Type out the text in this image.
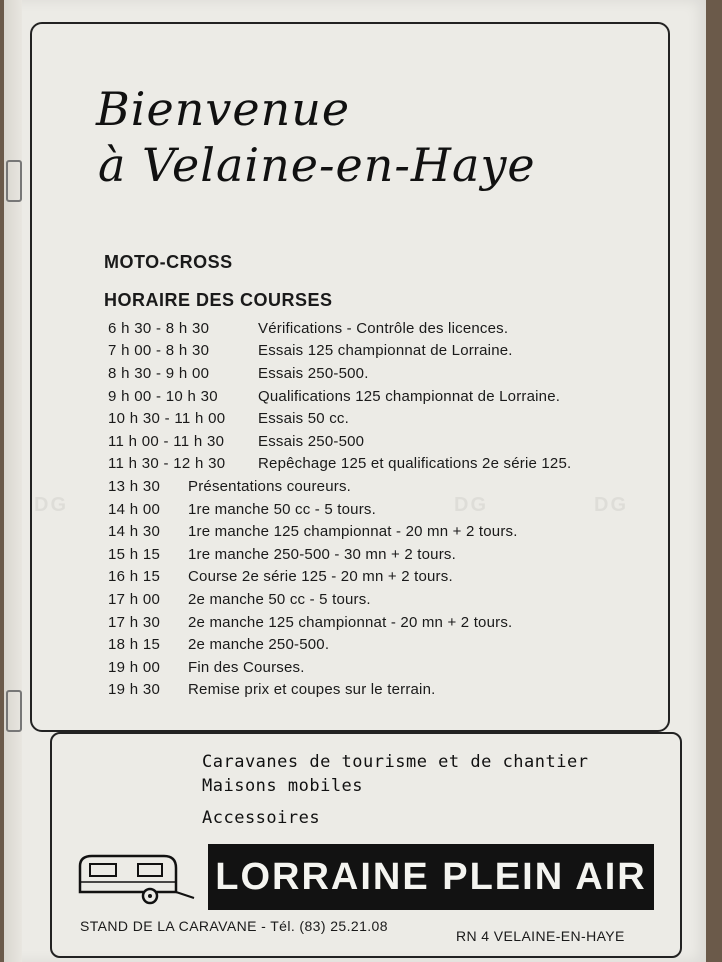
Bienvenue
à Velaine-en-Haye
MOTO-CROSS
HORAIRE DES COURSES
6 h 30 - 8 h 30	Vérifications - Contrôle des licences.
7 h 00 - 8 h 30	Essais 125 championnat de Lorraine.
8 h 30 - 9 h 00	Essais 250-500.
9 h 00 - 10 h 30	Qualifications 125 championnat de Lorraine.
10 h 30 - 11 h 00	Essais 50 cc.
11 h 00 - 11 h 30	Essais 250-500
11 h 30 - 12 h 30	Repêchage 125 et qualifications 2e série 125.
13 h 30	Présentations coureurs.
14 h 00	1re manche 50 cc - 5 tours.
14 h 30	1re manche 125 championnat - 20 mn + 2 tours.
15 h 15	1re manche 250-500 - 30 mn + 2 tours.
16 h 15	Course 2e série 125 - 20 mn + 2 tours.
17 h 00	2e manche 50 cc - 5 tours.
17 h 30	2e manche 125 championnat - 20 mn + 2 tours.
18 h 15	2e manche 250-500.
19 h 00	Fin des Courses.
19 h 30	Remise prix et coupes sur le terrain.
DG	DG	DG
Caravanes de tourisme et de chantier
Maisons mobiles
Accessoires
LORRAINE PLEIN AIR
STAND DE LA CARAVANE - Tél. (83) 25.21.08
RN 4 VELAINE-EN-HAYE
